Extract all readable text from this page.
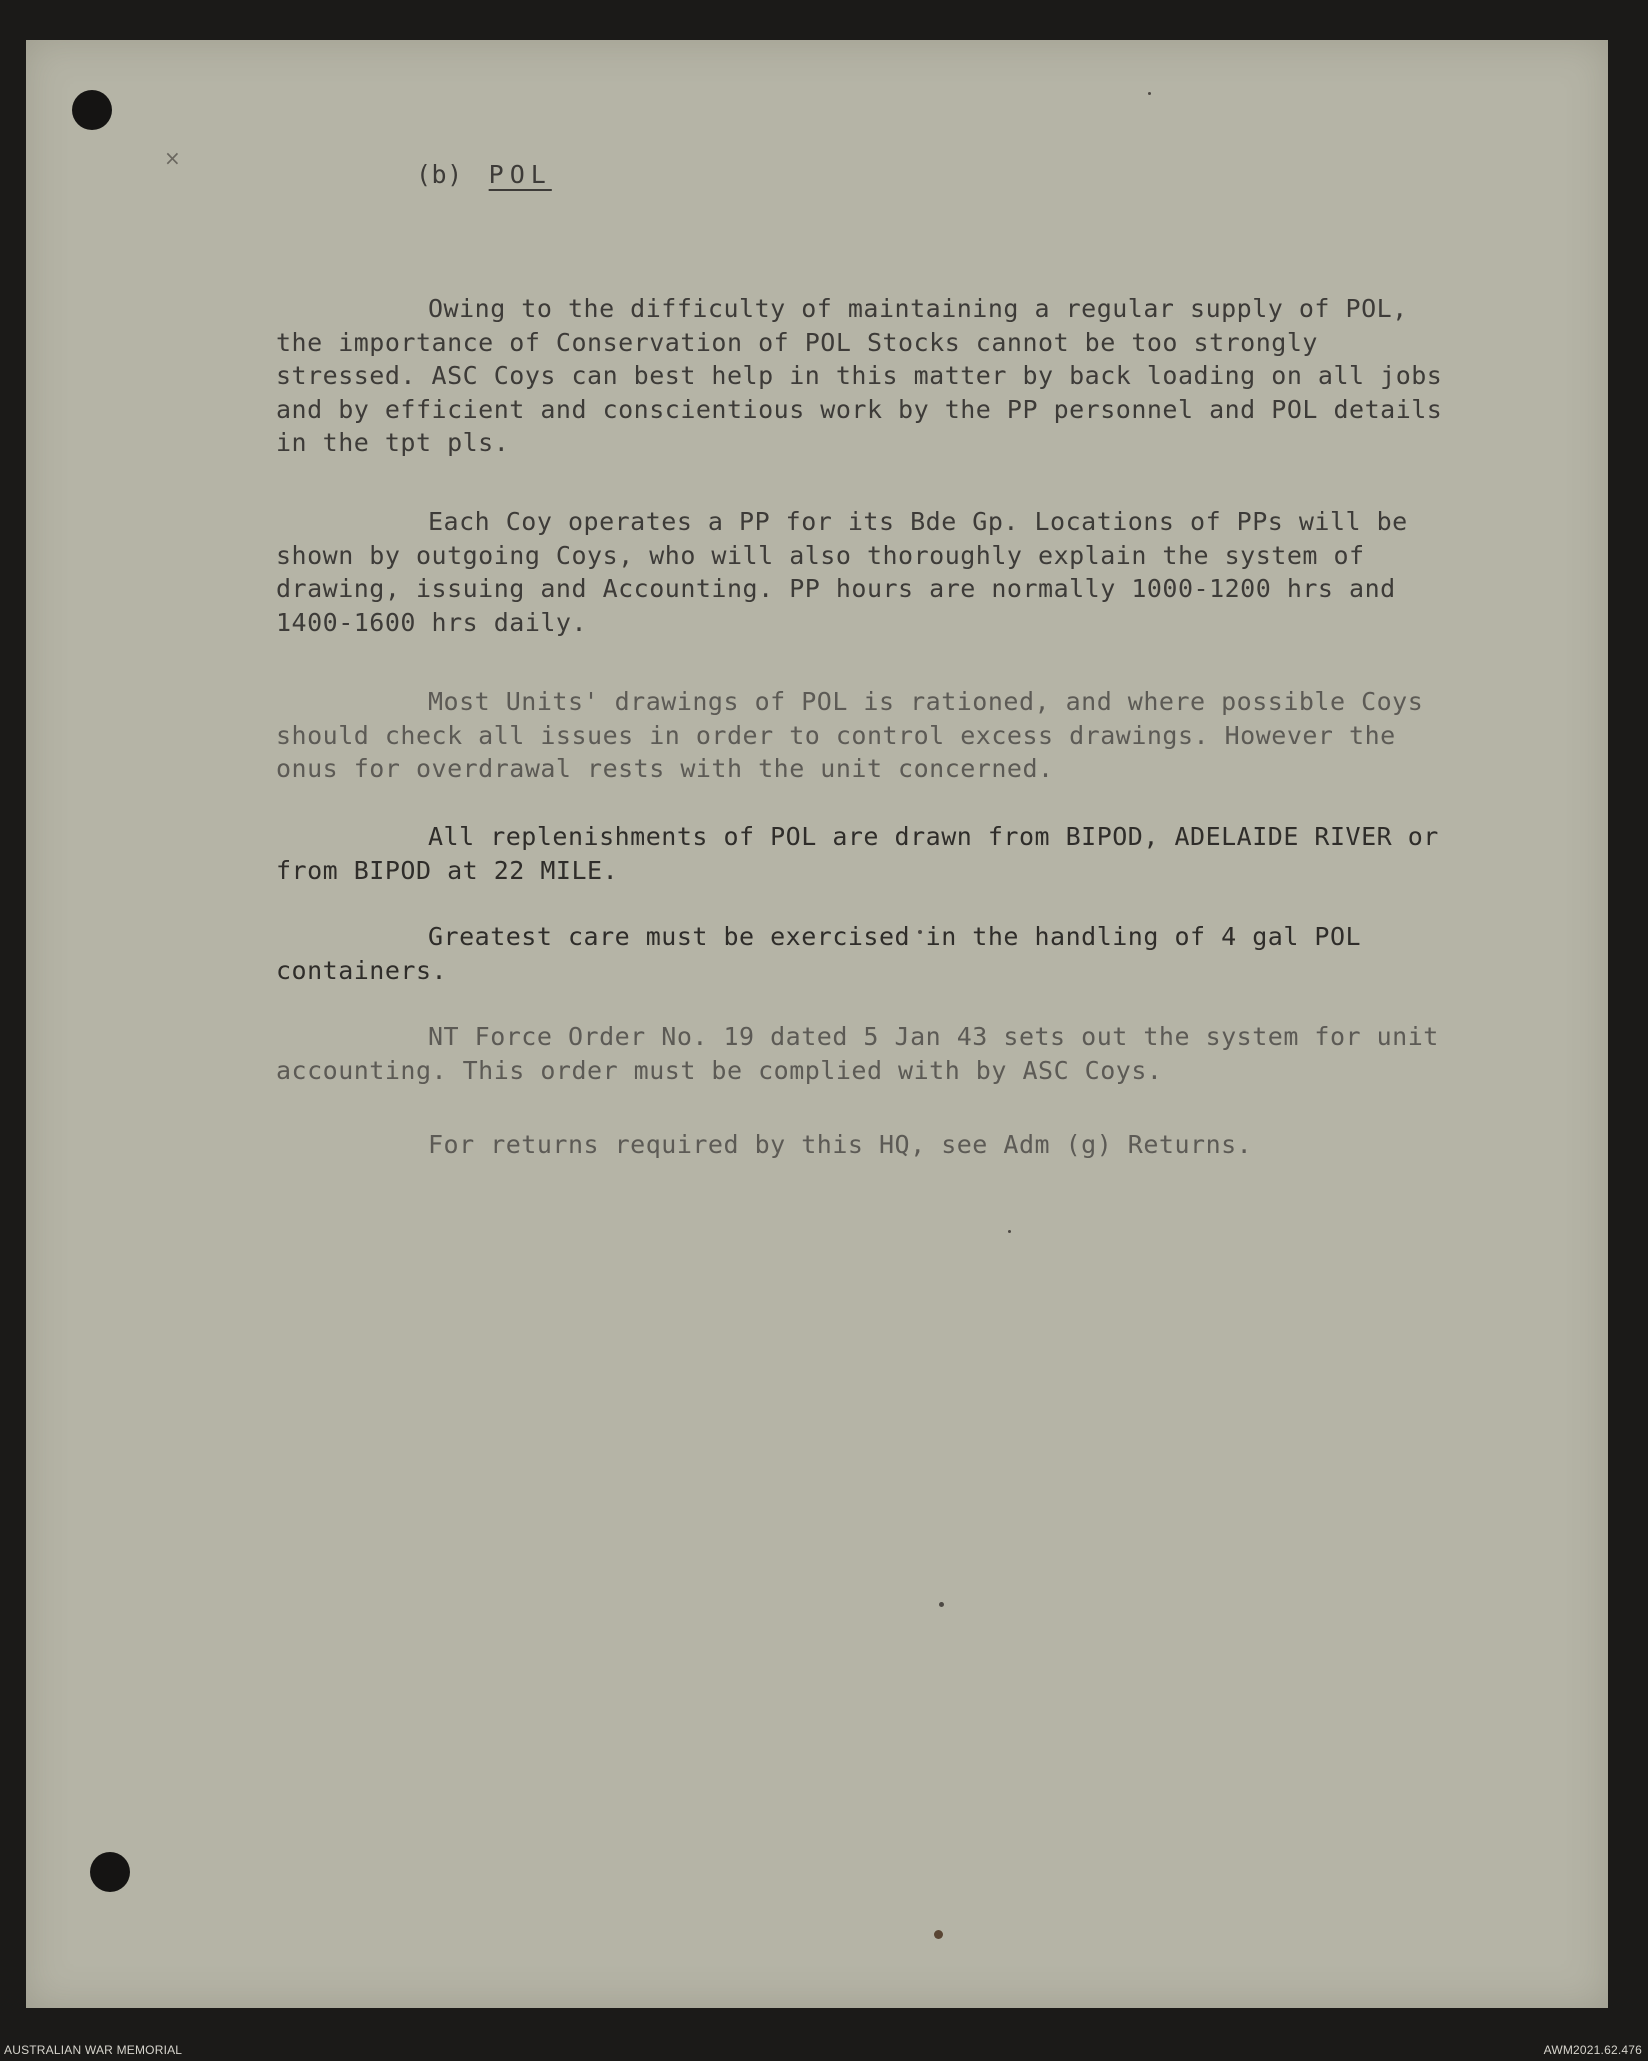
×
(b) POL

Owing to the difficulty of maintaining a regular supply of POL, the importance of Conservation of POL Stocks cannot be too strongly stressed. ASC Coys can best help in this matter by back loading on all jobs and by efficient and conscientious work by the PP personnel and POL details in the tpt pls.

Each Coy operates a PP for its Bde Gp. Locations of PPs will be shown by outgoing Coys, who will also thoroughly explain the system of drawing, issuing and Accounting. PP hours are normally 1000-1200 hrs and 1400-1600 hrs daily.

Most Units' drawings of POL is rationed, and where possible Coys should check all issues in order to control excess drawings. However the onus for overdrawal rests with the unit concerned.

All replenishments of POL are drawn from BIPOD, ADELAIDE RIVER or from BIPOD at 22 MILE.

Greatest care must be exercised in the handling of 4 gal POL containers.

NT Force Order No. 19 dated 5 Jan 43 sets out the system for unit accounting. This order must be complied with by ASC Coys.

For returns required by this HQ, see Adm (g) Returns.

AUSTRALIAN WAR MEMORIAL	AWM2021.62.476
